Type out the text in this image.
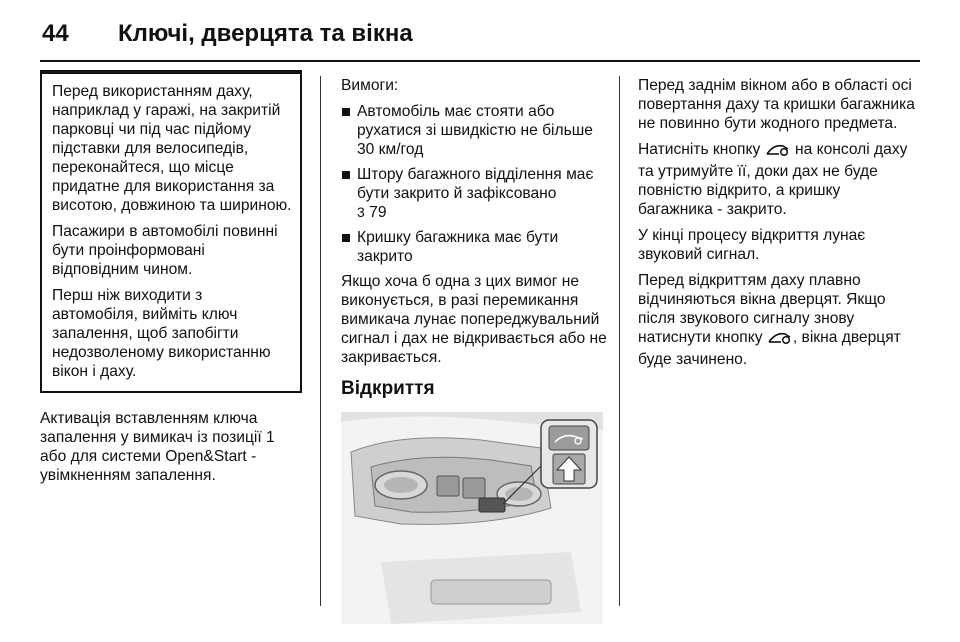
44 Ключі, дверцята та вікна

Перед використанням даху, наприклад у гаражі, на закритій парковці чи під час підйому підставки для велосипедів, переконайтеся, що місце придатне для використання за висотою, довжиною та шириною.

Пасажири в автомобілі повинні бути проінформовані відповідним чином.

Перш ніж виходити з автомобіля, вийміть ключ запалення, щоб запобігти недозволеному використанню вікон і даху.

Активація вставленням ключа запалення у вимикач із позиції 1 або для системи Open&Start - увімкненням запалення.

Вимоги:

Автомобіль має стояти або рухатися зі швидкістю не більше 30 км/год
Штору багажного відділення має бути закрито й зафіксовано
3 79
Кришку багажника має бути закрито

Якщо хоча б одна з цих вимог не виконується, в разі перемикання вимикача лунає попереджувальний сигнал і дах не відкривається або не закривається.

Відкриття

Перед заднім вікном або в області осі повертання даху та кришки багажника не повинно бути жодного предмета.

Натисніть кнопку на консолі даху та утримуйте її, доки дах не буде повністю відкрито, а кришку багажника - закрито.

У кінці процесу відкриття лунає звуковий сигнал.

Перед відкриттям даху плавно відчиняються вікна дверцят. Якщо після звукового сигналу знову натиснути кнопку , вікна дверцят буде зачинено.
